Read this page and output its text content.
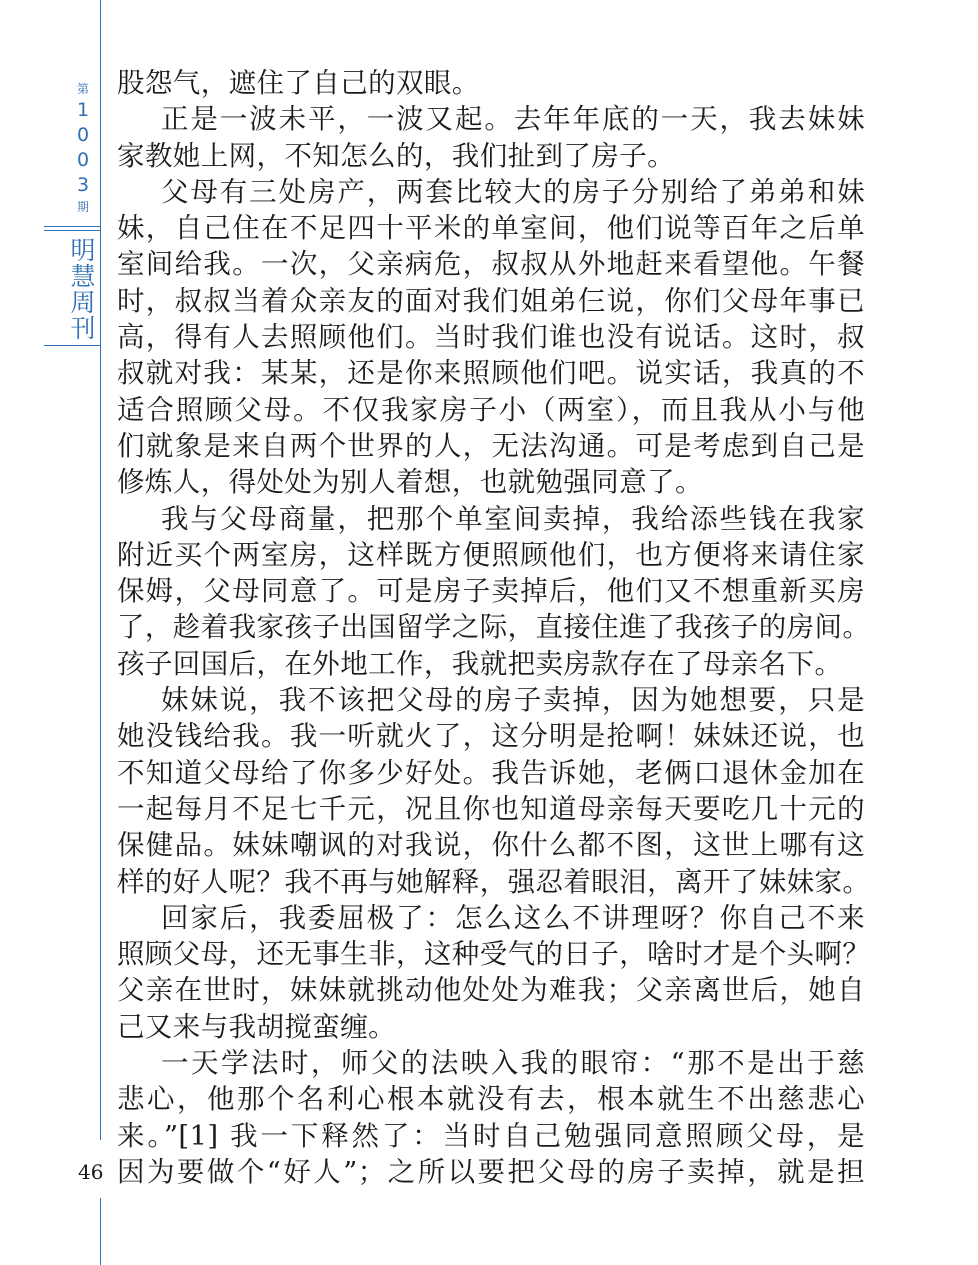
第
1
0
0
3
期
明
慧
周
刊
46
股怨气，遮住了自己的双眼。
正是一波未平，一波又起。去年年底的一天，我去妹妹
家教她上网，不知怎么的，我们扯到了房子。
父母有三处房产，两套比较大的房子分别给了弟弟和妹
妹，自己住在不足四十平米的单室间，他们说等百年之后单
室间给我。一次，父亲病危，叔叔从外地赶来看望他。午餐
时，叔叔当着众亲友的面对我们姐弟仨说，你们父母年事已
高，得有人去照顾他们。当时我们谁也没有说话。这时，叔
叔就对我：某某，还是你来照顾他们吧。说实话，我真的不
适合照顾父母。不仅我家房子小（两室），而且我从小与他
们就象是来自两个世界的人，无法沟通。可是考虑到自己是
修炼人，得处处为别人着想，也就勉强同意了。
我与父母商量，把那个单室间卖掉，我给添些钱在我家
附近买个两室房，这样既方便照顾他们，也方便将来请住家
保姆，父母同意了。可是房子卖掉后，他们又不想重新买房
了，趁着我家孩子出国留学之际，直接住進了我孩子的房间。
孩子回国后，在外地工作，我就把卖房款存在了母亲名下。
妹妹说，我不该把父母的房子卖掉，因为她想要，只是
她没钱给我。我一听就火了，这分明是抢啊！妹妹还说，也
不知道父母给了你多少好处。我告诉她，老俩口退休金加在
一起每月不足七千元，况且你也知道母亲每天要吃几十元的
保健品。妹妹嘲讽的对我说，你什么都不图，这世上哪有这
样的好人呢？我不再与她解释，强忍着眼泪，离开了妹妹家。
回家后，我委屈极了：怎么这么不讲理呀？你自己不来
照顾父母，还无事生非，这种受气的日子，啥时才是个头啊？
父亲在世时，妹妹就挑动他处处为难我；父亲离世后，她自
己又来与我胡搅蛮缠。
一天学法时，师父的法映入我的眼帘：“那不是出于慈
悲心，他那个名利心根本就没有去，根本就生不出慈悲心
来。”[1] 我一下释然了：当时自己勉强同意照顾父母，是
因为要做个“好人”；之所以要把父母的房子卖掉，就是担
